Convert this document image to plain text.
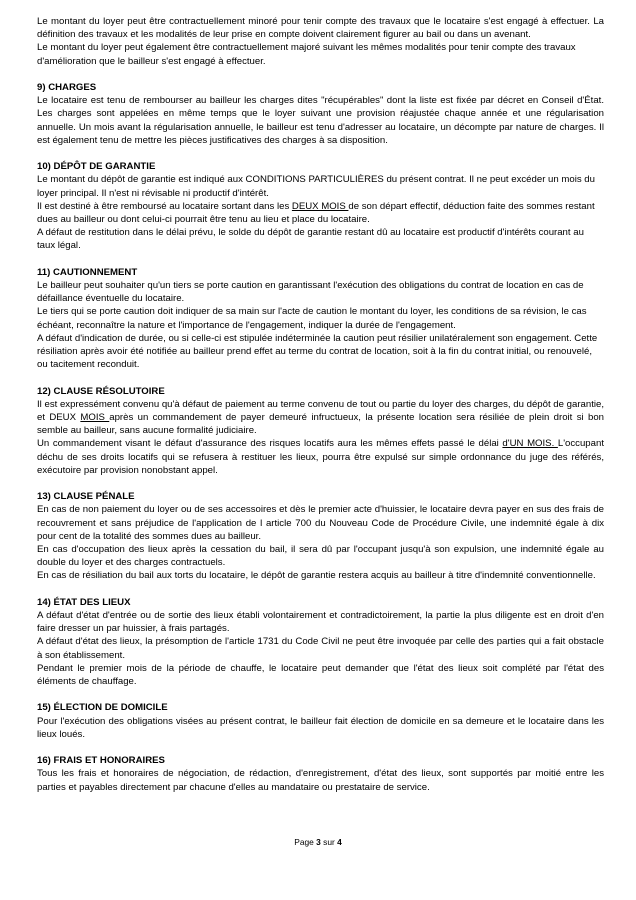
Le montant du loyer peut être contractuellement minoré pour tenir compte des travaux que le locataire s'est engagé à effectuer. La définition des travaux et les modalités de leur prise en compte doivent clairement figurer au bail ou dans un avenant.

Le montant du loyer peut également être contractuellement majoré suivant les mêmes modalités pour tenir compte des travaux d'amélioration que le bailleur s'est engagé à effectuer.

9) CHARGES

Le locataire est tenu de rembourser au bailleur les charges dites "récupérables" dont la liste est fixée par décret en Conseil d'État. Les charges sont appelées en même temps que le loyer suivant une provision réajustée chaque année et une régularisation annuelle. Un mois avant la régularisation annuelle, le bailleur est tenu d'adresser au locataire, un décompte par nature de charges. Il est également tenu de mettre les pièces justificatives des charges à sa disposition.

10) DÉPÔT DE GARANTIE

Le montant du dépôt de garantie est indiqué aux CONDITIONS PARTICULIÈRES du présent contrat. Il ne peut excéder un mois du loyer principal. Il n'est ni révisable ni productif d'intérêt.

Il est destiné à être remboursé au locataire sortant dans les DEUX MOIS de son départ effectif, déduction faite des sommes restant dues au bailleur ou dont celui-ci pourrait être tenu au lieu et place du locataire.

A défaut de restitution dans le délai prévu, le solde du dépôt de garantie restant dû au locataire est productif d'intérêts courant au taux légal.

11) CAUTIONNEMENT

Le bailleur peut souhaiter qu'un tiers se porte caution en garantissant l'exécution des obligations du contrat de location en cas de défaillance éventuelle du locataire.

Le tiers qui se porte caution doit indiquer de sa main sur l'acte de caution le montant du loyer, les conditions de sa révision, le cas échéant, reconnaître la nature et l'importance de l'engagement, indiquer la durée de l'engagement.

A défaut d'indication de durée, ou si celle-ci est stipulée indéterminée la caution peut résilier unilatéralement son engagement. Cette résiliation après avoir été notifiée au bailleur prend effet au terme du contrat de location, soit à la fin du contrat initial, ou renouvelé, ou tacitement reconduit.

12) CLAUSE RÉSOLUTOIRE

Il est expressément convenu qu'à défaut de paiement au terme convenu de tout ou partie du loyer des charges, du dépôt de garantie, et DEUX MOIS après un commandement de payer demeuré infructueux, la présente location sera résiliée de plein droit si bon semble au bailleur, sans aucune formalité judiciaire.

Un commandement visant le défaut d'assurance des risques locatifs aura les mêmes effets passé le délai d'UN MOIS. L'occupant déchu de ses droits locatifs qui se refusera à restituer les lieux, pourra être expulsé sur simple ordonnance du juge des référés, exécutoire par provision nonobstant appel.

13) CLAUSE PÉNALE

En cas de non paiement du loyer ou de ses accessoires et dès le premier acte d'huissier, le locataire devra payer en sus des frais de recouvrement et sans préjudice de l'application de l article 700 du Nouveau Code de Procédure Civile, une indemnité égale à dix pour cent de la totalité des sommes dues au bailleur.

En cas d'occupation des lieux après la cessation du bail, il sera dû par l'occupant jusqu'à son expulsion, une indemnité égale au double du loyer et des charges contractuels.

En cas de résiliation du bail aux torts du locataire, le dépôt de garantie restera acquis au bailleur à titre d'indemnité conventionnelle.

14) ÉTAT DES LIEUX

A défaut d'état d'entrée ou de sortie des lieux établi volontairement et contradictoirement, la partie la plus diligente est en droit d'en faire dresser un par huissier, à frais partagés.

A défaut d'état des lieux, la présomption de l'article 1731 du Code Civil ne peut être invoquée par celle des parties qui a fait obstacle à son établissement.

Pendant le premier mois de la période de chauffe, le locataire peut demander que l'état des lieux soit complété par l'état des éléments de chauffage.

15) ÉLECTION DE DOMICILE

Pour l'exécution des obligations visées au présent contrat, le bailleur fait élection de domicile en sa demeure et le locataire dans les lieux loués.

16) FRAIS ET HONORAIRES

Tous les frais et honoraires de négociation, de rédaction, d'enregistrement, d'état des lieux, sont supportés par moitié entre les parties et payables directement par chacune d'elles au mandataire ou prestataire de service.

Page 3 sur 4
